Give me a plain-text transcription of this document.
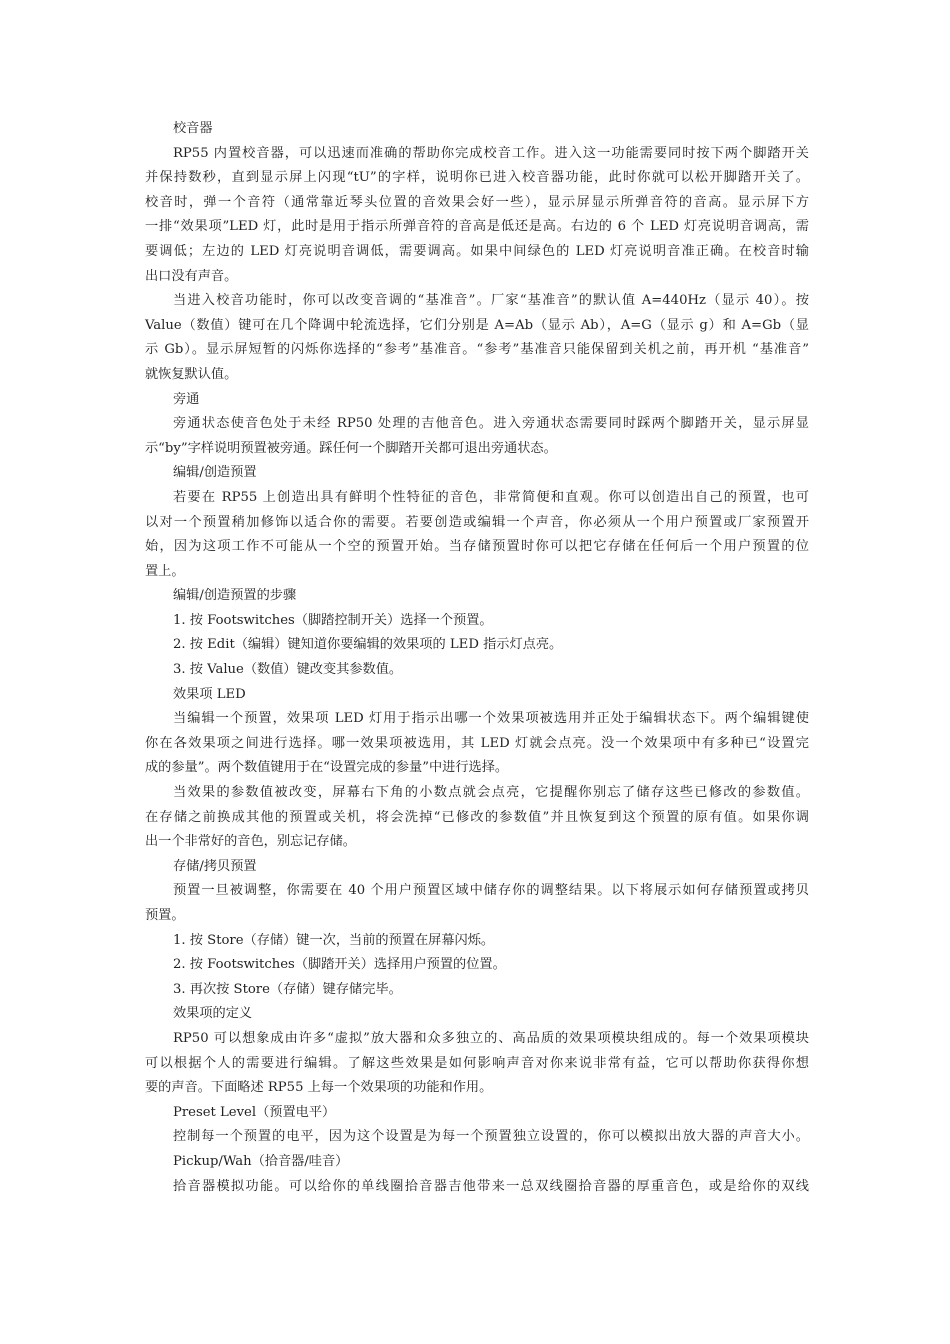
校音器
RP55 内置校音器，可以迅速而准确的帮助你完成校音工作。进入这一功能需要同时按下两个脚踏开关
并保持数秒，直到显示屏上闪现“tU”的字样，说明你已进入校音器功能，此时你就可以松开脚踏开关了。
校音时，弹一个音符（通常靠近琴头位置的音效果会好一些），显示屏显示所弹音符的音高。显示屏下方
一排“效果项”LED 灯，此时是用于指示所弹音符的音高是低还是高。右边的 6 个 LED 灯亮说明音调高，需
要调低；左边的 LED 灯亮说明音调低，需要调高。如果中间绿色的 LED 灯亮说明音准正确。在校音时输
出口没有声音。
当进入校音功能时，你可以改变音调的“基准音”。厂家“基准音”的默认值 A=440Hz（显示 40）。按
Value（数值）键可在几个降调中轮流选择，它们分别是 A=Ab（显示 Ab），A=G（显示 g）和 A=Gb（显
示 Gb）。显示屏短暂的闪烁你选择的“参考”基准音。“参考”基准音只能保留到关机之前，再开机 “基准音”
就恢复默认值。
旁通
旁通状态使音色处于未经 RP50 处理的吉他音色。进入旁通状态需要同时踩两个脚踏开关，显示屏显
示“by”字样说明预置被旁通。踩任何一个脚踏开关都可退出旁通状态。
编辑/创造预置
若要在 RP55 上创造出具有鲜明个性特征的音色，非常简便和直观。你可以创造出自己的预置，也可
以对一个预置稍加修饰以适合你的需要。若要创造或编辑一个声音，你必须从一个用户预置或厂家预置开
始，因为这项工作不可能从一个空的预置开始。当存储预置时你可以把它存储在任何后一个用户预置的位
置上。
编辑/创造预置的步骤
1. 按 Footswitches（脚踏控制开关）选择一个预置。
2. 按 Edit（编辑）键知道你要编辑的效果项的 LED 指示灯点亮。
3. 按 Value（数值）键改变其参数值。
效果项 LED
当编辑一个预置，效果项 LED 灯用于指示出哪一个效果项被选用并正处于编辑状态下。两个编辑键使
你在各效果项之间进行选择。哪一效果项被选用，其 LED 灯就会点亮。没一个效果项中有多种已“设置完
成的参量”。两个数值键用于在“设置完成的参量”中进行选择。
当效果的参数值被改变，屏幕右下角的小数点就会点亮，它提醒你别忘了储存这些已修改的参数值。
在存储之前换成其他的预置或关机，将会洗掉“已修改的参数值”并且恢复到这个预置的原有值。如果你调
出一个非常好的音色，别忘记存储。
存储/拷贝预置
预置一旦被调整，你需要在 40 个用户预置区域中储存你的调整结果。以下将展示如何存储预置或拷贝
预置。
1. 按 Store（存储）键一次，当前的预置在屏幕闪烁。
2. 按 Footswitches（脚踏开关）选择用户预置的位置。
3. 再次按 Store（存储）键存储完毕。
效果项的定义
RP50 可以想象成由许多“虚拟”放大器和众多独立的、高品质的效果项模块组成的。每一个效果项模块
可以根据个人的需要进行编辑。了解这些效果是如何影响声音对你来说非常有益，它可以帮助你获得你想
要的声音。下面略述 RP55 上每一个效果项的功能和作用。
Preset Level（预置电平）
控制每一个预置的电平，因为这个设置是为每一个预置独立设置的，你可以模拟出放大器的声音大小。
Pickup/Wah（拾音器/哇音）
拾音器模拟功能。可以给你的单线圈拾音器吉他带来一总双线圈拾音器的厚重音色，或是给你的双线
